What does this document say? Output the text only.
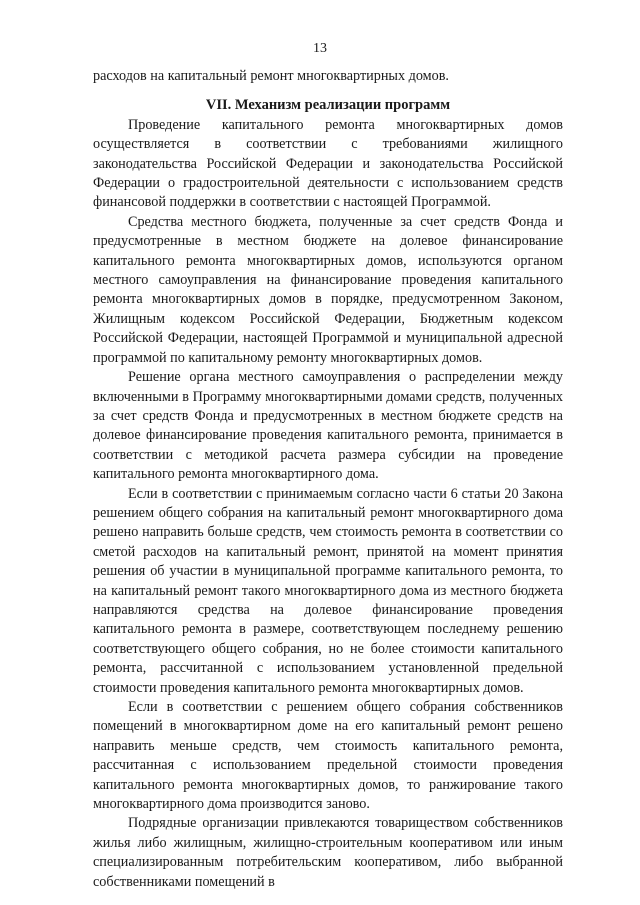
13

расходов на капитальный ремонт многоквартирных домов.

VII. Механизм реализации программ

Проведение капитального ремонта многоквартирных домов осуществляется в соответствии с требованиями жилищного законодательства Российской Федерации и законодательства Российской Федерации о градостроительной деятельности с использованием средств финансовой поддержки в соответствии с настоящей Программой.

Средства местного бюджета, полученные за счет средств Фонда и предусмотренные в местном бюджете на долевое финансирование капитального ремонта многоквартирных домов, используются органом местного самоуправления на финансирование проведения капитального ремонта многоквартирных домов в порядке, предусмотренном Законом, Жилищным кодексом Российской Федерации, Бюджетным кодексом Российской Федерации, настоящей Программой и муниципальной адресной программой по капитальному ремонту многоквартирных домов.

Решение органа местного самоуправления о распределении между включенными в Программу многоквартирными домами средств, полученных за счет средств Фонда и предусмотренных в местном бюджете средств на долевое финансирование проведения капитального ремонта, принимается в соответствии с методикой расчета размера субсидии на проведение капитального ремонта многоквартирного дома.

Если в соответствии с принимаемым согласно части 6 статьи 20 Закона решением общего собрания на капитальный ремонт многоквартирного дома решено направить больше средств, чем стоимость ремонта в соответствии со сметой расходов на капитальный ремонт, принятой на момент принятия решения об участии в муниципальной программе капитального ремонта, то на капитальный ремонт такого многоквартирного дома из местного бюджета направляются средства на долевое финансирование проведения капитального ремонта в размере, соответствующем последнему решению соответствующего общего собрания, но не более стоимости капитального ремонта, рассчитанной с использованием установленной предельной стоимости проведения капитального ремонта многоквартирных домов.

Если в соответствии с решением общего собрания собственников помещений в многоквартирном доме на его капитальный ремонт решено направить меньше средств, чем стоимость капитального ремонта, рассчитанная с использованием предельной стоимости проведения капитального ремонта многоквартирных домов, то ранжирование такого многоквартирного дома производится заново.

Подрядные организации привлекаются товариществом собственников жилья либо жилищным, жилищно-строительным кооперативом или иным специализированным потребительским кооперативом, либо выбранной собственниками помещений в
